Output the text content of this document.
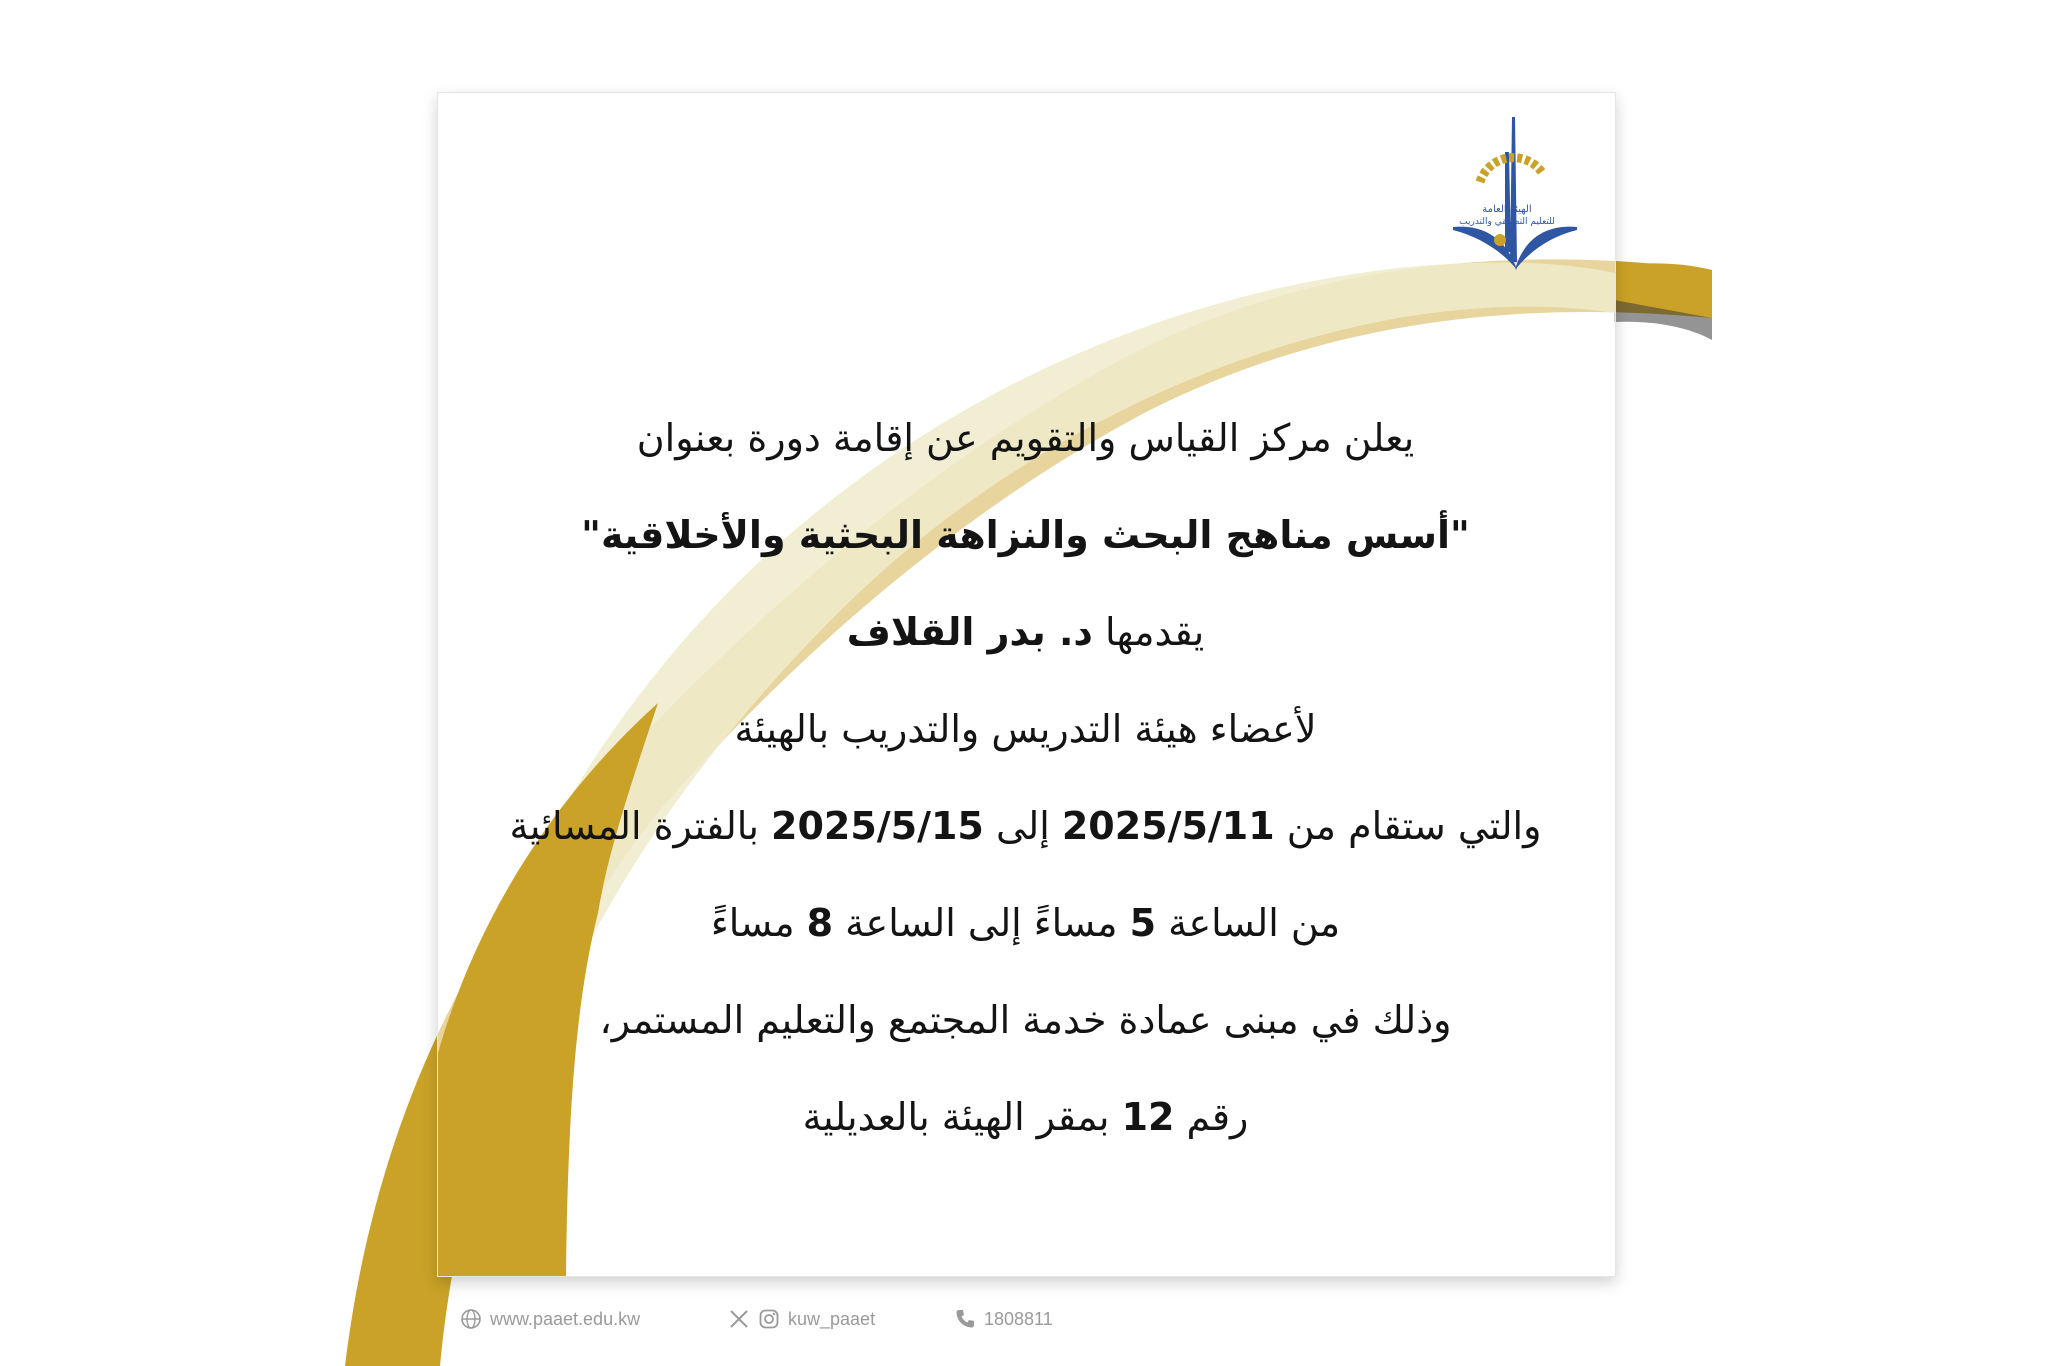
الهيئة العامة
للتعليم التطبيقي والتدريب
يعلن مركز القياس والتقويم عن إقامة دورة بعنوان
"أسس مناهج البحث والنزاهة البحثية والأخلاقية"
يقدمها د. بدر القلاف
لأعضاء هيئة التدريس والتدريب بالهيئة
والتي ستقام من 2025/5/11 إلى 2025/5/15 بالفترة المسائية
من الساعة 5 مساءً إلى الساعة 8 مساءً
وذلك في مبنى عمادة خدمة المجتمع والتعليم المستمر،
رقم 12 بمقر الهيئة بالعديلية
www.paaet.edu.kw	kuw_paaet	1808811
